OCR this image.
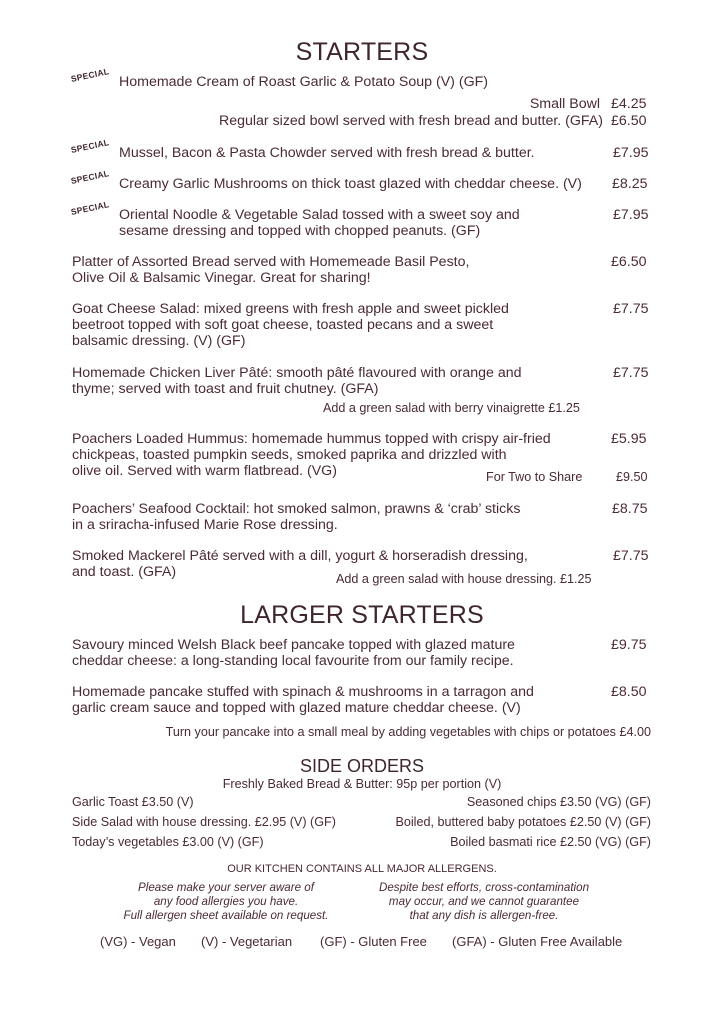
STARTERS
SPECIAL Homemade Cream of Roast Garlic & Potato Soup (V) (GF)
Small Bowl £4.25
Regular sized bowl served with fresh bread and butter. (GFA) £6.50
SPECIAL Mussel, Bacon & Pasta Chowder served with fresh bread & butter.	£7.95
SPECIAL Creamy Garlic Mushrooms on thick toast glazed with cheddar cheese. (V) £8.25
SPECIAL Oriental Noodle & Vegetable Salad tossed with a sweet soy and
sesame dressing and topped with chopped peanuts. (GF)
£7.95
Platter of Assorted Bread served with Homemeade Basil Pesto,
Olive Oil & Balsamic Vinegar. Great for sharing!
£6.50
Goat Cheese Salad: mixed greens with fresh apple and sweet pickled
beetroot topped with soft goat cheese, toasted pecans and a sweet
balsamic dressing. (V) (GF)
£7.75
Homemade Chicken Liver Pâté: smooth pâté flavoured with orange and
thyme; served with toast and fruit chutney. (GFA)
£7.75
Add a green salad with berry vinaigrette £1.25
Poachers Loaded Hummus: homemade hummus topped with crispy air-fried
chickpeas, toasted pumpkin seeds, smoked paprika and drizzled with
olive oil. Served with warm flatbread. (VG)
£5.95
For Two to Share	£9.50
Poachers’ Seafood Cocktail: hot smoked salmon, prawns & ‘crab’ sticks
in a sriracha-infused Marie Rose dressing.
£8.75
Smoked Mackerel Pâté served with a dill, yogurt & horseradish dressing,
and toast. (GFA)
£7.75
Add a green salad with house dressing. £1.25
LARGER STARTERS
Savoury minced Welsh Black beef pancake topped with glazed mature
cheddar cheese: a long-standing local favourite from our family recipe.
£9.75
Homemade pancake stuffed with spinach & mushrooms in a tarragon and
garlic cream sauce and topped with glazed mature cheddar cheese. (V)
£8.50
Turn your pancake into a small meal by adding vegetables with chips or potatoes £4.00
SIDE ORDERS
Freshly Baked Bread & Butter: 95p per portion (V)
Garlic Toast £3.50 (V)
Side Salad with house dressing. £2.95 (V) (GF)
Today’s vegetables £3.00 (V) (GF)
Seasoned chips £3.50 (VG) (GF)
Boiled, buttered baby potatoes £2.50 (V) (GF)
Boiled basmati rice £2.50 (VG) (GF)
OUR KITCHEN CONTAINS ALL MAJOR ALLERGENS.
Please make your server aware of
any food allergies you have.
Full allergen sheet available on request.
Despite best efforts, cross-contamination
may occur, and we cannot guarantee
that any dish is allergen-free.
(VG) - Vegan (V) - Vegetarian (GF) - Gluten Free (GFA) - Gluten Free Available
